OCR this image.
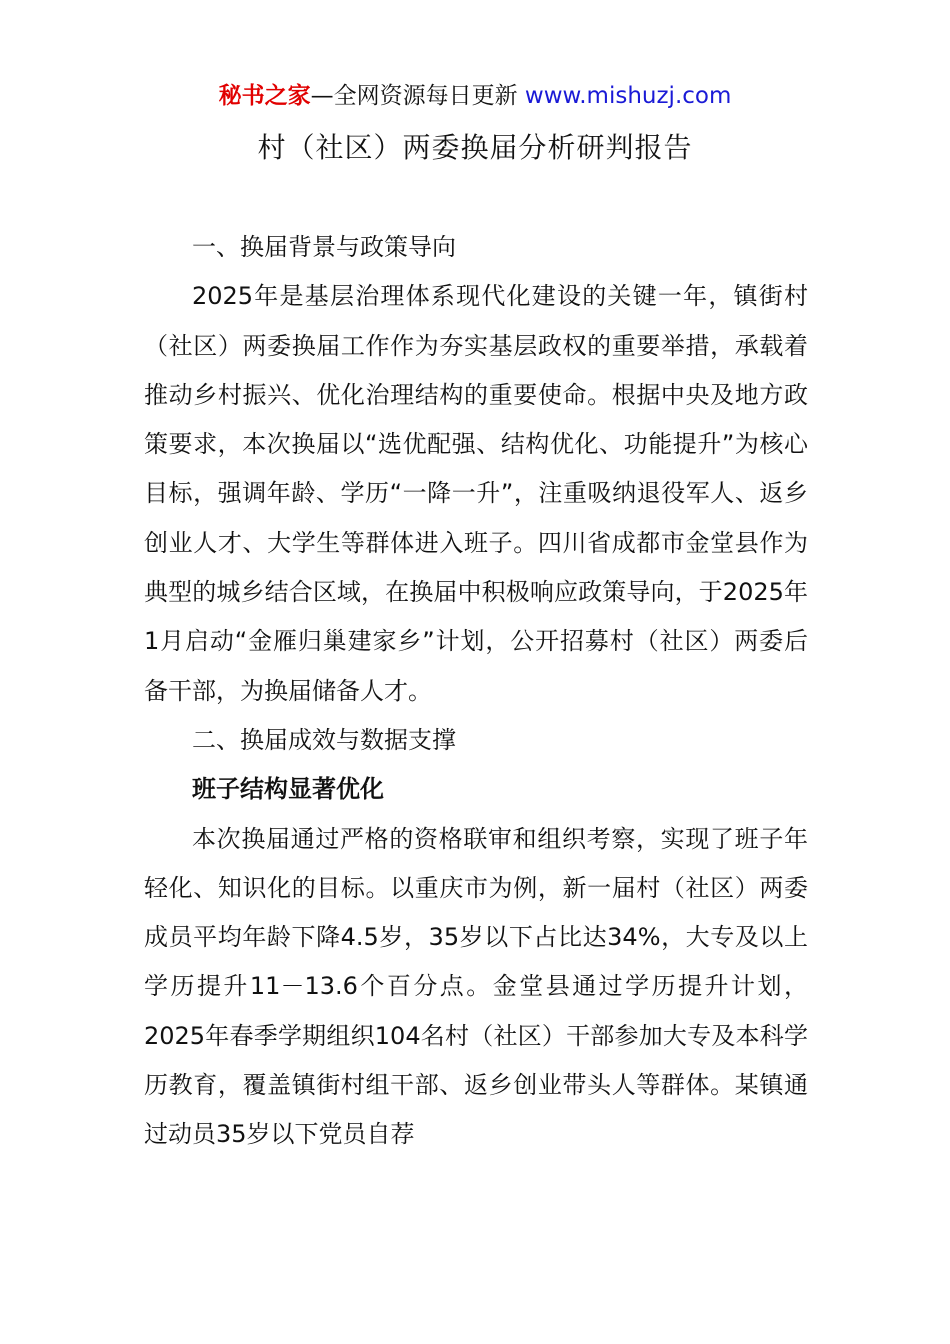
秘书之家—全网资源每日更新 www.mishuzj.com
村（社区）两委换届分析研判报告
一、换届背景与政策导向

2025年是基层治理体系现代化建设的关键一年，镇街村（社区）两委换届工作作为夯实基层政权的重要举措，承载着推动乡村振兴、优化治理结构的重要使命。根据中央及地方政策要求，本次换届以“选优配强、结构优化、功能提升”为核心目标，强调年龄、学历“一降一升”，注重吸纳退役军人、返乡创业人才、大学生等群体进入班子。四川省成都市金堂县作为典型的城乡结合区域，在换届中积极响应政策导向，于2025年1月启动“金雁归巢建家乡”计划，公开招募村（社区）两委后备干部，为换届储备人才。

二、换届成效与数据支撑
班子结构显著优化

本次换届通过严格的资格联审和组织考察，实现了班子年轻化、知识化的目标。以重庆市为例，新一届村（社区）两委成员平均年龄下降4.5岁，35岁以下占比达34%，大专及以上学历提升11－13.6个百分点。金堂县通过学历提升计划，2025年春季学期组织104名村（社区）干部参加大专及本科学历教育，覆盖镇街村组干部、返乡创业带头人等群体。某镇通过动员35岁以下党员自荐
